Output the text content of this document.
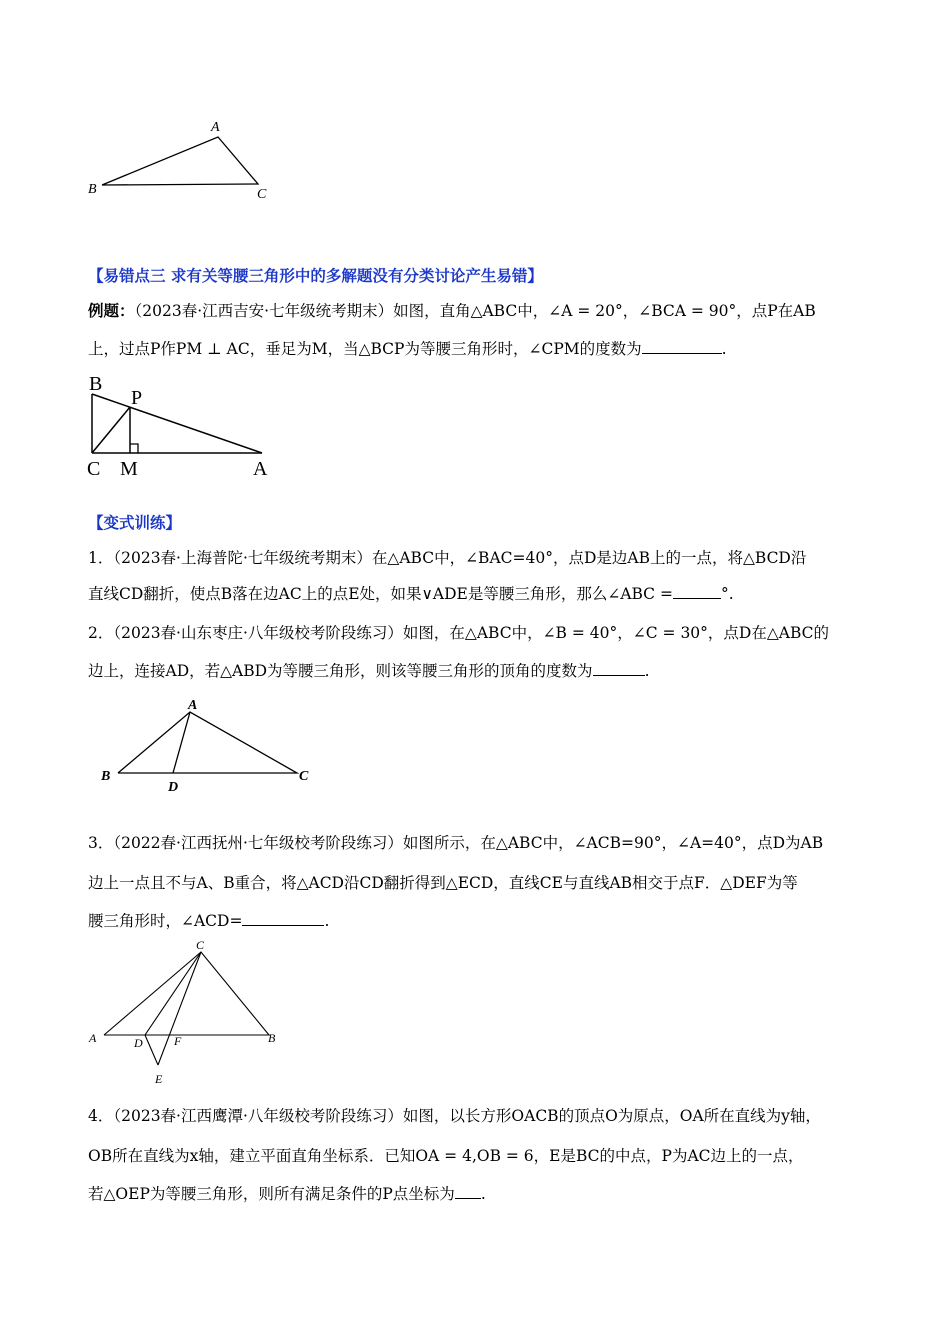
A
B	C
【易错点三 求有关等腰三角形中的多解题没有分类讨论产生易错】
例题：（2023春·江西吉安·七年级统考期末）如图，直角△ABC中，∠A = 20°，∠BCA = 90°，点P在AB
上，过点P作PM ⊥ AC，垂足为M，当△BCP为等腰三角形时，∠CPM的度数为	.
B
P
C M	A
【变式训练】
1．（2023春·上海普陀·七年级统考期末）在△ABC中，∠BAC=40°，点D是边AB上的一点，将△BCD沿
直线CD翻折，使点B落在边AC上的点E处，如果∨ADE是等腰三角形，那么∠ABC =	°.
2．（2023春·山东枣庄·八年级校考阶段练习）如图，在△ABC中，∠B = 40°，∠C = 30°，点D在△ABC的
边上，连接AD，若△ABD为等腰三角形，则该等腰三角形的顶角的度数为	.
A
B	C
D
3．（2022春·江西抚州·七年级校考阶段练习）如图所示，在△ABC中，∠ACB=90°，∠A=40°，点D为AB
边上一点且不与A、B重合，将△ACD沿CD翻折得到△ECD，直线CE与直线AB相交于点F．△DEF为等
腰三角形时，∠ACD=	.
C
A	D	F	B
E
4．（2023春·江西鹰潭·八年级校考阶段练习）如图，以长方形OACB的顶点O为原点，OA所在直线为y轴，
OB所在直线为x轴，建立平面直角坐标系．已知OA = 4,OB = 6，E是BC的中点，P为AC边上的一点，
若△OEP为等腰三角形，则所有满足条件的P点坐标为 .
